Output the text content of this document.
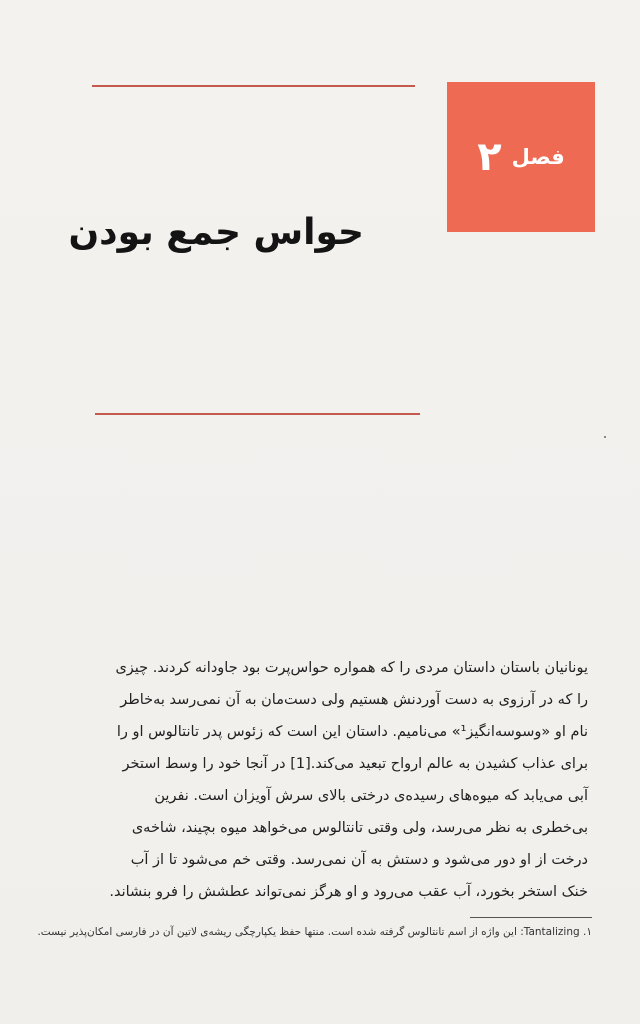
فصل
۲
حواس جمع بودن
یونانیان باستان داستان مردی را که همواره حواس‌پرت بود جاودانه کردند. چیزی
را که در آرزوی به دست آوردنش هستیم ولی دست‌مان به آن نمی‌رسد به‌خاطر
نام او «وسوسه‌انگیز¹» می‌نامیم. داستان این است که زئوس پدر تانتالوس او را
برای عذاب کشیدن به عالم ارواح تبعید می‌کند.[1] در آنجا خود را وسط استخر
آبی می‌یابد که میوه‌های رسیده‌ی درختی بالای سرش آویزان است. نفرین
بی‌خطری به نظر می‌رسد، ولی وقتی تانتالوس می‌خواهد میوه بچیند، شاخه‌ی
درخت از او دور می‌شود و دستش به آن نمی‌رسد. وقتی خم می‌شود تا از آب
خنک استخر بخورد، آب عقب می‌رود و او هرگز نمی‌تواند عطشش را فرو بنشاند.
۱. Tantalizing: این واژه از اسم تانتالوس گرفته شده است. منتها حفظ یکپارچگی ریشه‌ی لاتین آن در فارسی امکان‌پذیر نیست.
